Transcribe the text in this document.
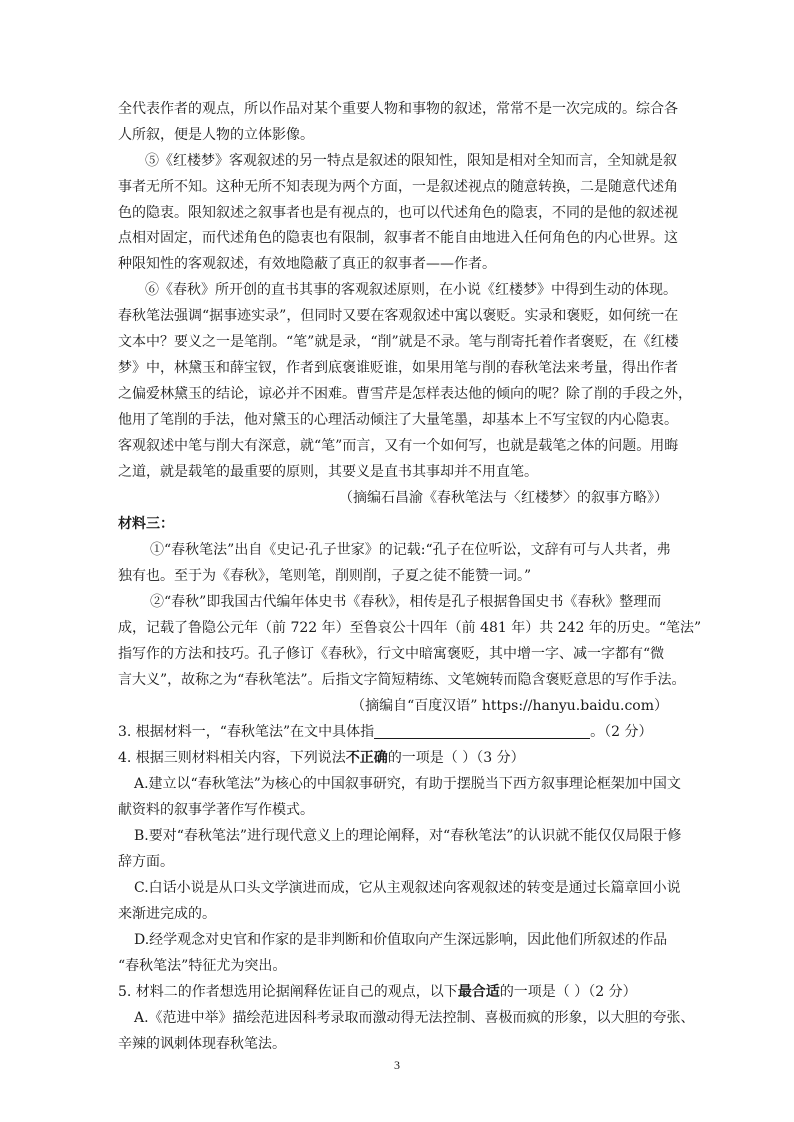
全代表作者的观点，所以作品对某个重要人物和事物的叙述，常常不是一次完成的。综合各
人所叙，便是人物的立体影像。
⑤《红楼梦》客观叙述的另一特点是叙述的限知性，限知是相对全知而言，全知就是叙
事者无所不知。这种无所不知表现为两个方面，一是叙述视点的随意转换，二是随意代述角
色的隐衷。限知叙述之叙事者也是有视点的，也可以代述角色的隐衷，不同的是他的叙述视
点相对固定，而代述角色的隐衷也有限制，叙事者不能自由地进入任何角色的内心世界。这
种限知性的客观叙述，有效地隐蔽了真正的叙事者——作者。
⑥《春秋》所开创的直书其事的客观叙述原则，在小说《红楼梦》中得到生动的体现。
春秋笔法强调“据事迹实录”，但同时又要在客观叙述中寓以褒贬。实录和褒贬，如何统一在
文本中？要义之一是笔削。“笔”就是录，“削”就是不录。笔与削寄托着作者褒贬，在《红楼
梦》中，林黛玉和薛宝钗，作者到底褒谁贬谁，如果用笔与削的春秋笔法来考量，得出作者
之偏爱林黛玉的结论，谅必并不困难。曹雪芹是怎样表达他的倾向的呢？除了削的手段之外，
他用了笔削的手法，他对黛玉的心理活动倾注了大量笔墨，却基本上不写宝钗的内心隐衷。
客观叙述中笔与削大有深意，就“笔”而言，又有一个如何写，也就是载笔之体的问题。用晦
之道，就是载笔的最重要的原则，其要义是直书其事却并不用直笔。
（摘编石昌渝《春秋笔法与〈红楼梦〉的叙事方略》）
材料三：
①“春秋笔法”出自《史记·孔子世家》的记载:“孔子在位听讼，文辞有可与人共者，弗
独有也。至于为《春秋》，笔则笔，削则削，子夏之徒不能赞一词。”
②“春秋”即我国古代编年体史书《春秋》，相传是孔子根据鲁国史书《春秋》整理而
成，记载了鲁隐公元年（前 722 年）至鲁哀公十四年（前 481 年）共 242 年的历史。“笔法”
指写作的方法和技巧。孔子修订《春秋》，行文中暗寓褒贬，其中增一字、减一字都有“微
言大义”，故称之为“春秋笔法”。后指文字简短精练、文笔婉转而隐含褒贬意思的写作手法。
（摘编自“百度汉语” https://hanyu.baidu.com）
3. 根据材料一，“春秋笔法”在文中具体指	。（2 分）
4. 根据三则材料相关内容，下列说法不正确的一项是（ ）（3 分）
A.建立以“春秋笔法”为核心的中国叙事研究，有助于摆脱当下西方叙事理论框架加中国文
献资料的叙事学著作写作模式。
B.要对“春秋笔法”进行现代意义上的理论阐释，对“春秋笔法”的认识就不能仅仅局限于修
辞方面。
C.白话小说是从口头文学演进而成，它从主观叙述向客观叙述的转变是通过长篇章回小说
来渐进完成的。
D.经学观念对史官和作家的是非判断和价值取向产生深远影响，因此他们所叙述的作品
“春秋笔法”特征尤为突出。
5. 材料二的作者想选用论据阐释佐证自己的观点，以下最合适的一项是（ ）（2 分）
A.《范进中举》描绘范进因科考录取而激动得无法控制、喜极而疯的形象，以大胆的夸张、
辛辣的讽刺体现春秋笔法。
3
